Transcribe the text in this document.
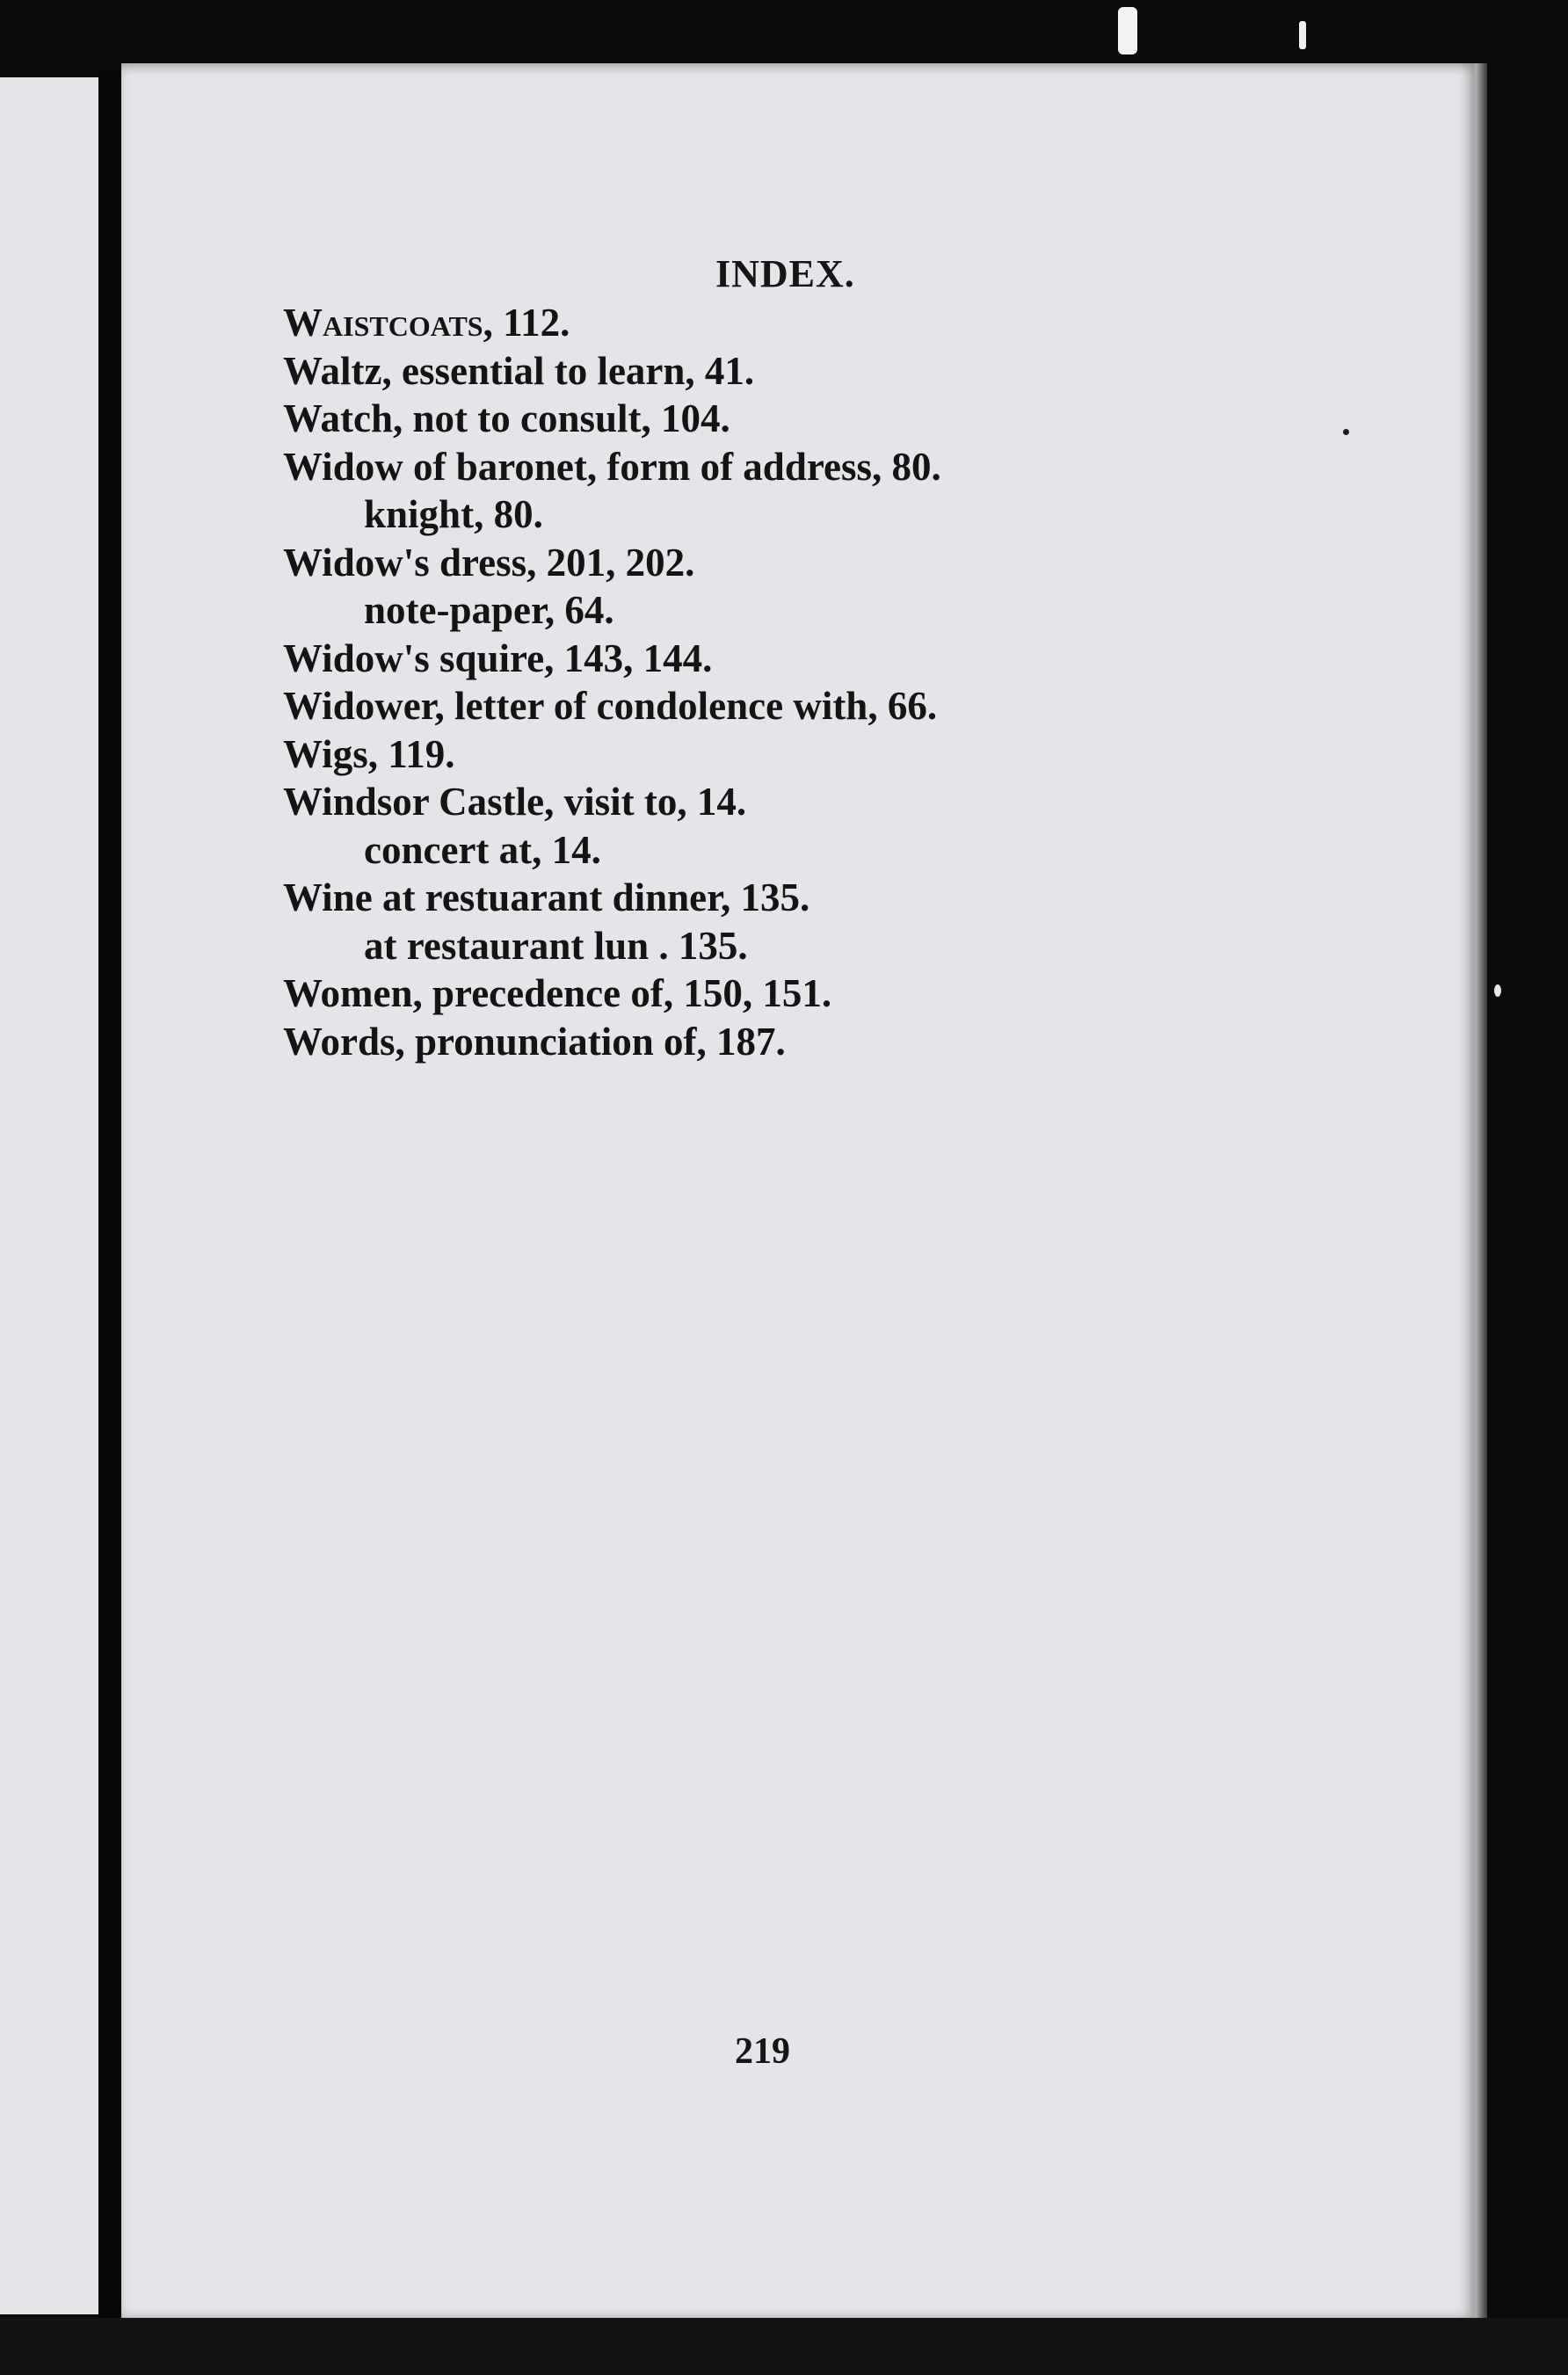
INDEX.
Waistcoats, 112.
Waltz, essential to learn, 41.
Watch, not to consult, 104.
Widow of baronet, form of address, 80.
knight, 80.
Widow's dress, 201, 202.
note-paper, 64.
Widow's squire, 143, 144.
Widower, letter of condolence with, 66.
Wigs, 119.
Windsor Castle, visit to, 14.
concert at, 14.
Wine at restuarant dinner, 135.
at restaurant lun . 135.
Women, precedence of, 150, 151.
Words, pronunciation of, 187.
219
